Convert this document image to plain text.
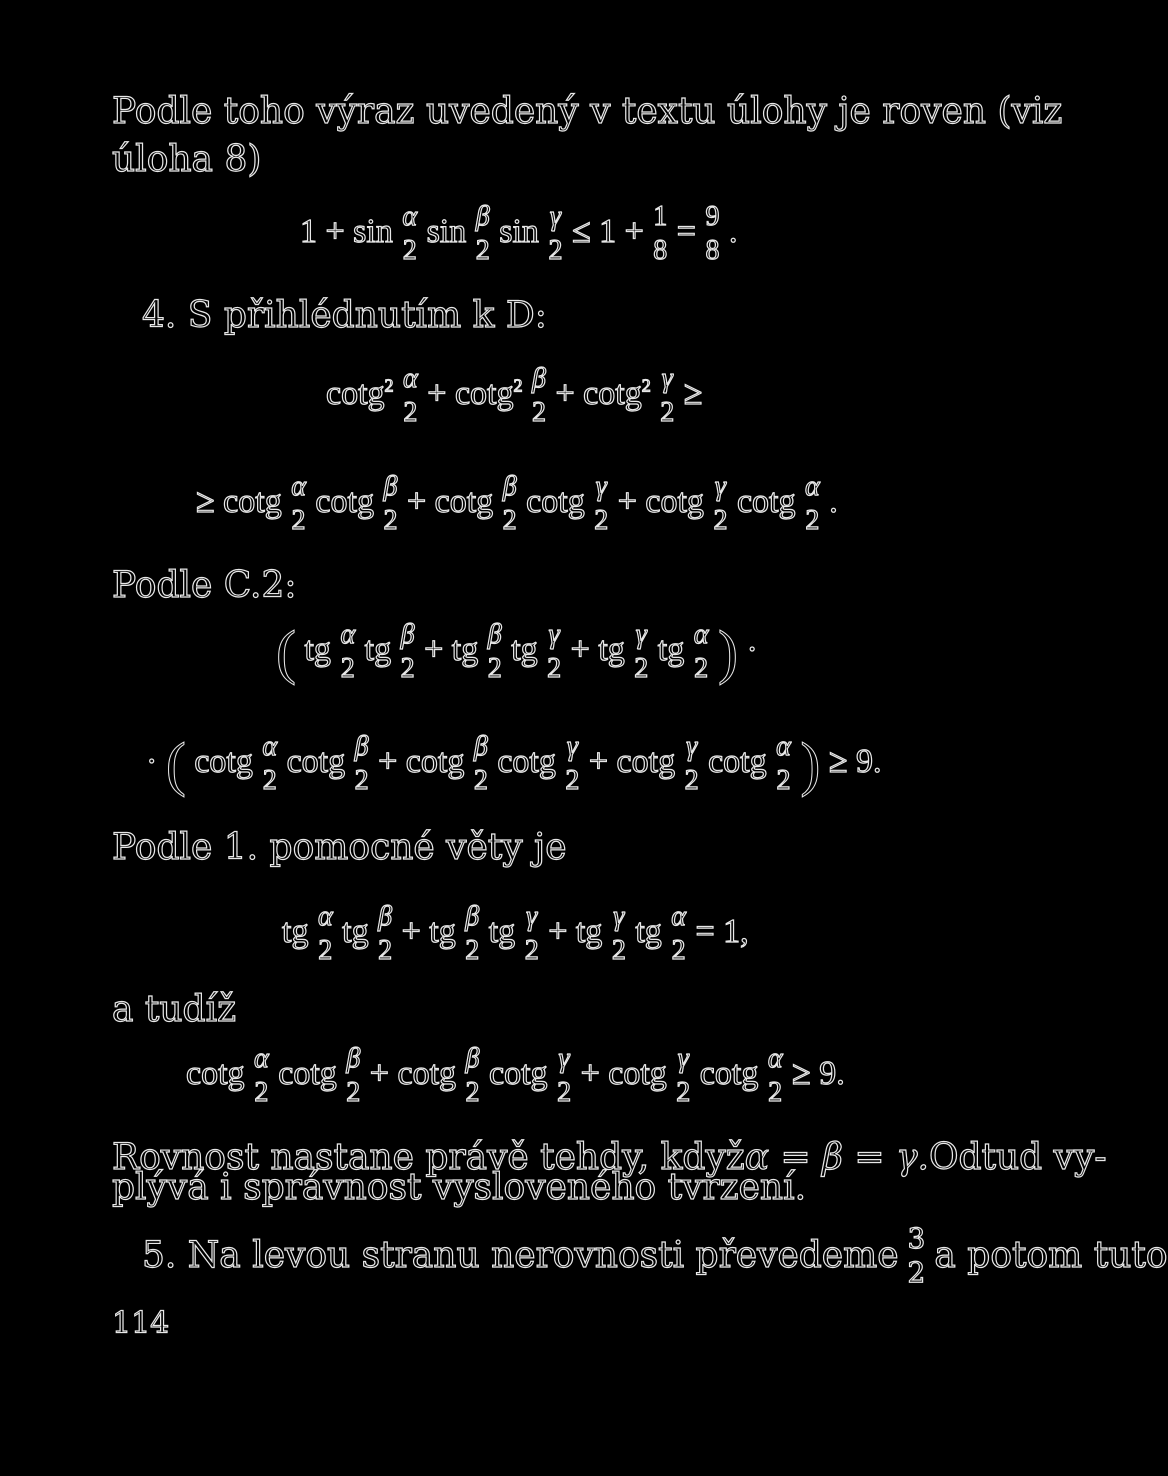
Podle toho výraz uvedený v textu úlohy je roven (viz
úloha 8)
1 + sin α
2
sin β
2
sin γ
2
≤ 1 + 1
8
= 9
8
.
4. S přihlédnutím k D:
cotg$^2$ α
2
+ cotg$^2$ β
2
+ cotg$^2$ γ
2
≥
≥ cotg α
2
cotg β
2
+ cotg β
2
cotg γ
2
+ cotg γ
2
cotg α
2
.
Podle C.2:
( tg α
2
tg β
2
+ tg β
2
tg γ
2
+ tg γ
2
tg α
2 ) ·
· ( cotg α
2
cotg β
2
+ cotg β
2
cotg γ
2
+ cotg γ
2
cotg α
2 ) ≥ 9.
Podle 1. pomocné věty je
tg α
2
tg β
2
+ tg β
2
tg γ
2
+ tg γ
2
tg α
2
= 1,
a tudíž
cotg α
2
cotg β
2
+ cotg β
2
cotg γ
2
+ cotg γ
2
cotg α
2
≥ 9.
Rovnost nastane právě tehdy, když α = β = γ. Odtud vy-
plývá i správnost vysloveného tvrzení.
5. Na levou stranu nerovnosti převedeme 3
2 a potom tuto
114
